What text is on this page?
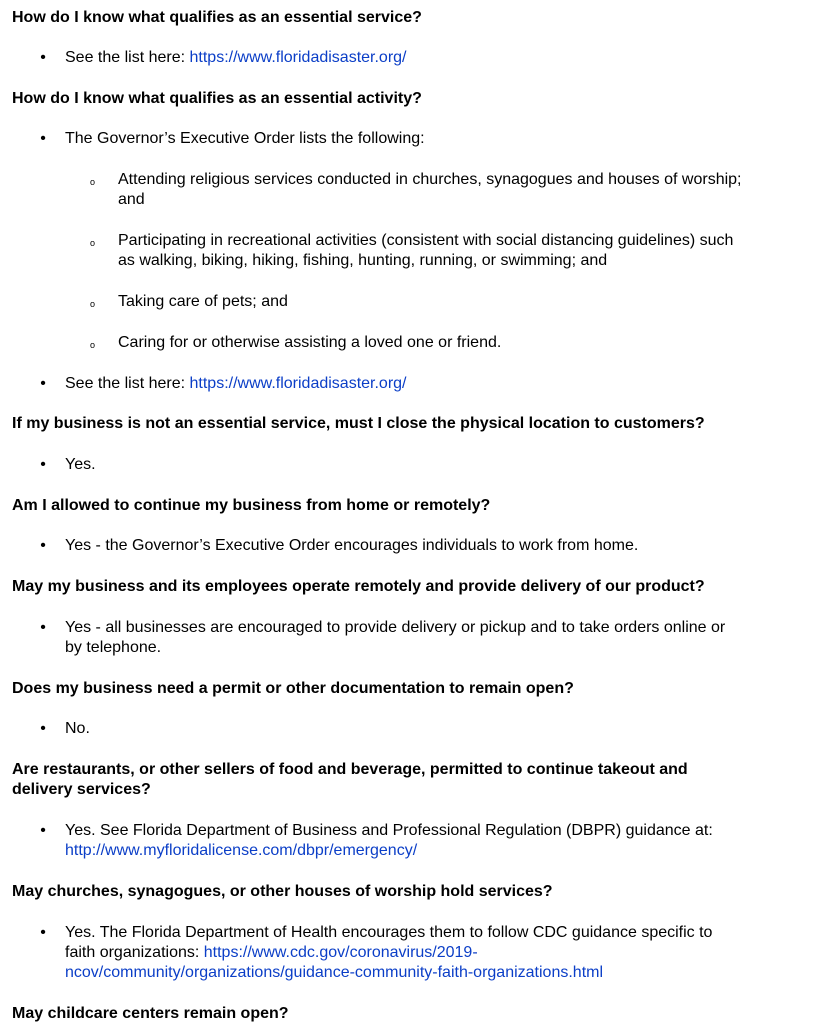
How do I know what qualifies as an essential service?
• See the list here: https://www.floridadisaster.org/
How do I know what qualifies as an essential activity?
• The Governor’s Executive Order lists the following:
o Attending religious services conducted in churches, synagogues and houses of worship;
and
o Participating in recreational activities (consistent with social distancing guidelines) such
as walking, biking, hiking, fishing, hunting, running, or swimming; and
o Taking care of pets; and
o Caring for or otherwise assisting a loved one or friend.
• See the list here: https://www.floridadisaster.org/
If my business is not an essential service, must I close the physical location to customers?
• Yes.
Am I allowed to continue my business from home or remotely?
• Yes - the Governor’s Executive Order encourages individuals to work from home.
May my business and its employees operate remotely and provide delivery of our product?
• Yes - all businesses are encouraged to provide delivery or pickup and to take orders online or
by telephone.
Does my business need a permit or other documentation to remain open?
• No.
Are restaurants, or other sellers of food and beverage, permitted to continue takeout and
delivery services?
• Yes. See Florida Department of Business and Professional Regulation (DBPR) guidance at:
http://www.myfloridalicense.com/dbpr/emergency/
May churches, synagogues, or other houses of worship hold services?
• Yes. The Florida Department of Health encourages them to follow CDC guidance specific to
faith organizations: https://www.cdc.gov/coronavirus/2019-
ncov/community/organizations/guidance-community-faith-organizations.html
May childcare centers remain open?
